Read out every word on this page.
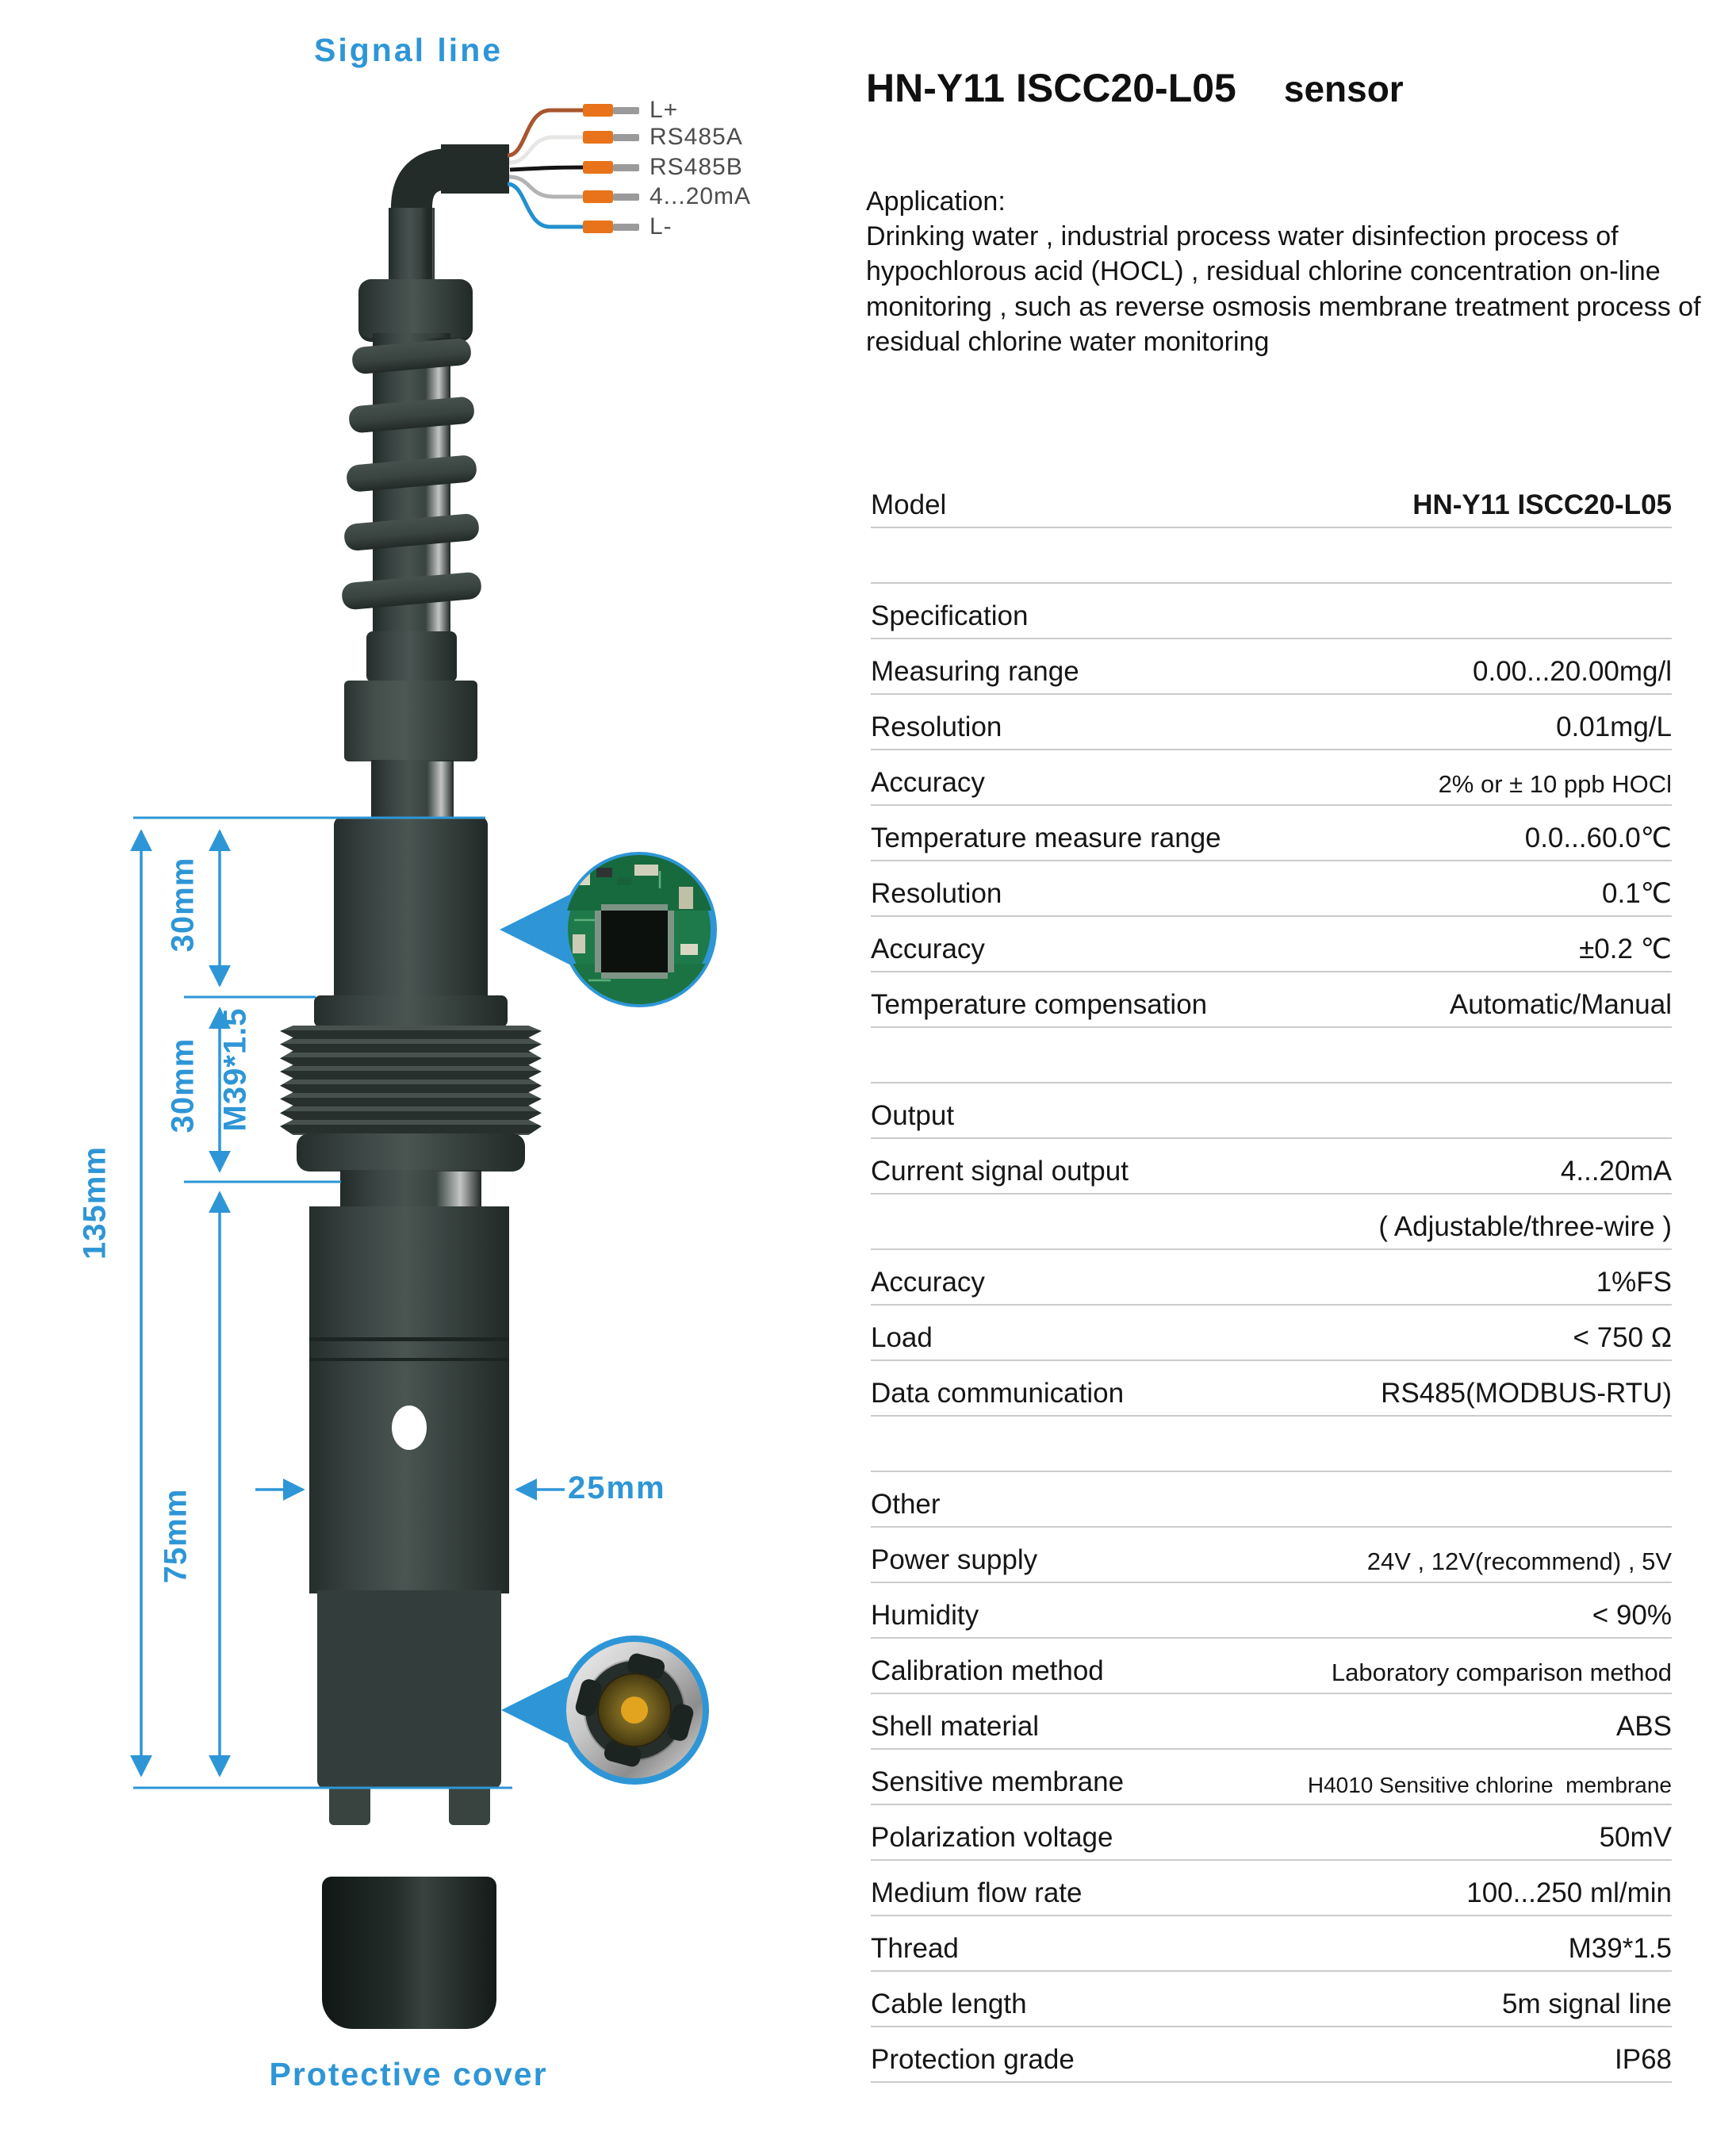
Signal line
L+
RS485A
RS485B
4...20mA
L-
135mm
30mm
30mm M39*1.5
75mm
25mm
Protective cover
HN-Y11 ISCC20-L05 sensor
Application:
Drinking water , industrial process water disinfection process of hypochlorous acid (HOCL) , residual chlorine concentration on-line monitoring , such as reverse osmosis membrane treatment process of residual chlorine water monitoring
Model	HN-Y11 ISCC20-L05
Specification
Measuring range	0.00...20.00mg/l
Resolution	0.01mg/L
Accuracy	2% or ± 10 ppb HOCl
Temperature measure range	0.0...60.0℃
Resolution	0.1℃
Accuracy	±0.2 ℃
Temperature compensation	Automatic/Manual
Output
Current signal output	4...20mA
( Adjustable/three-wire )
Accuracy	1%FS
Load	< 750 Ω
Data communication	RS485(MODBUS-RTU)
Other
Power supply	24V , 12V(recommend) , 5V
Humidity	< 90%
Calibration method	Laboratory comparison method
Shell material	ABS
Sensitive membrane	H4010 Sensitive chlorine  membrane
Polarization voltage	50mV
Medium flow rate	100...250 ml/min
Thread	M39*1.5
Cable length	5m signal line
Protection grade	IP68
